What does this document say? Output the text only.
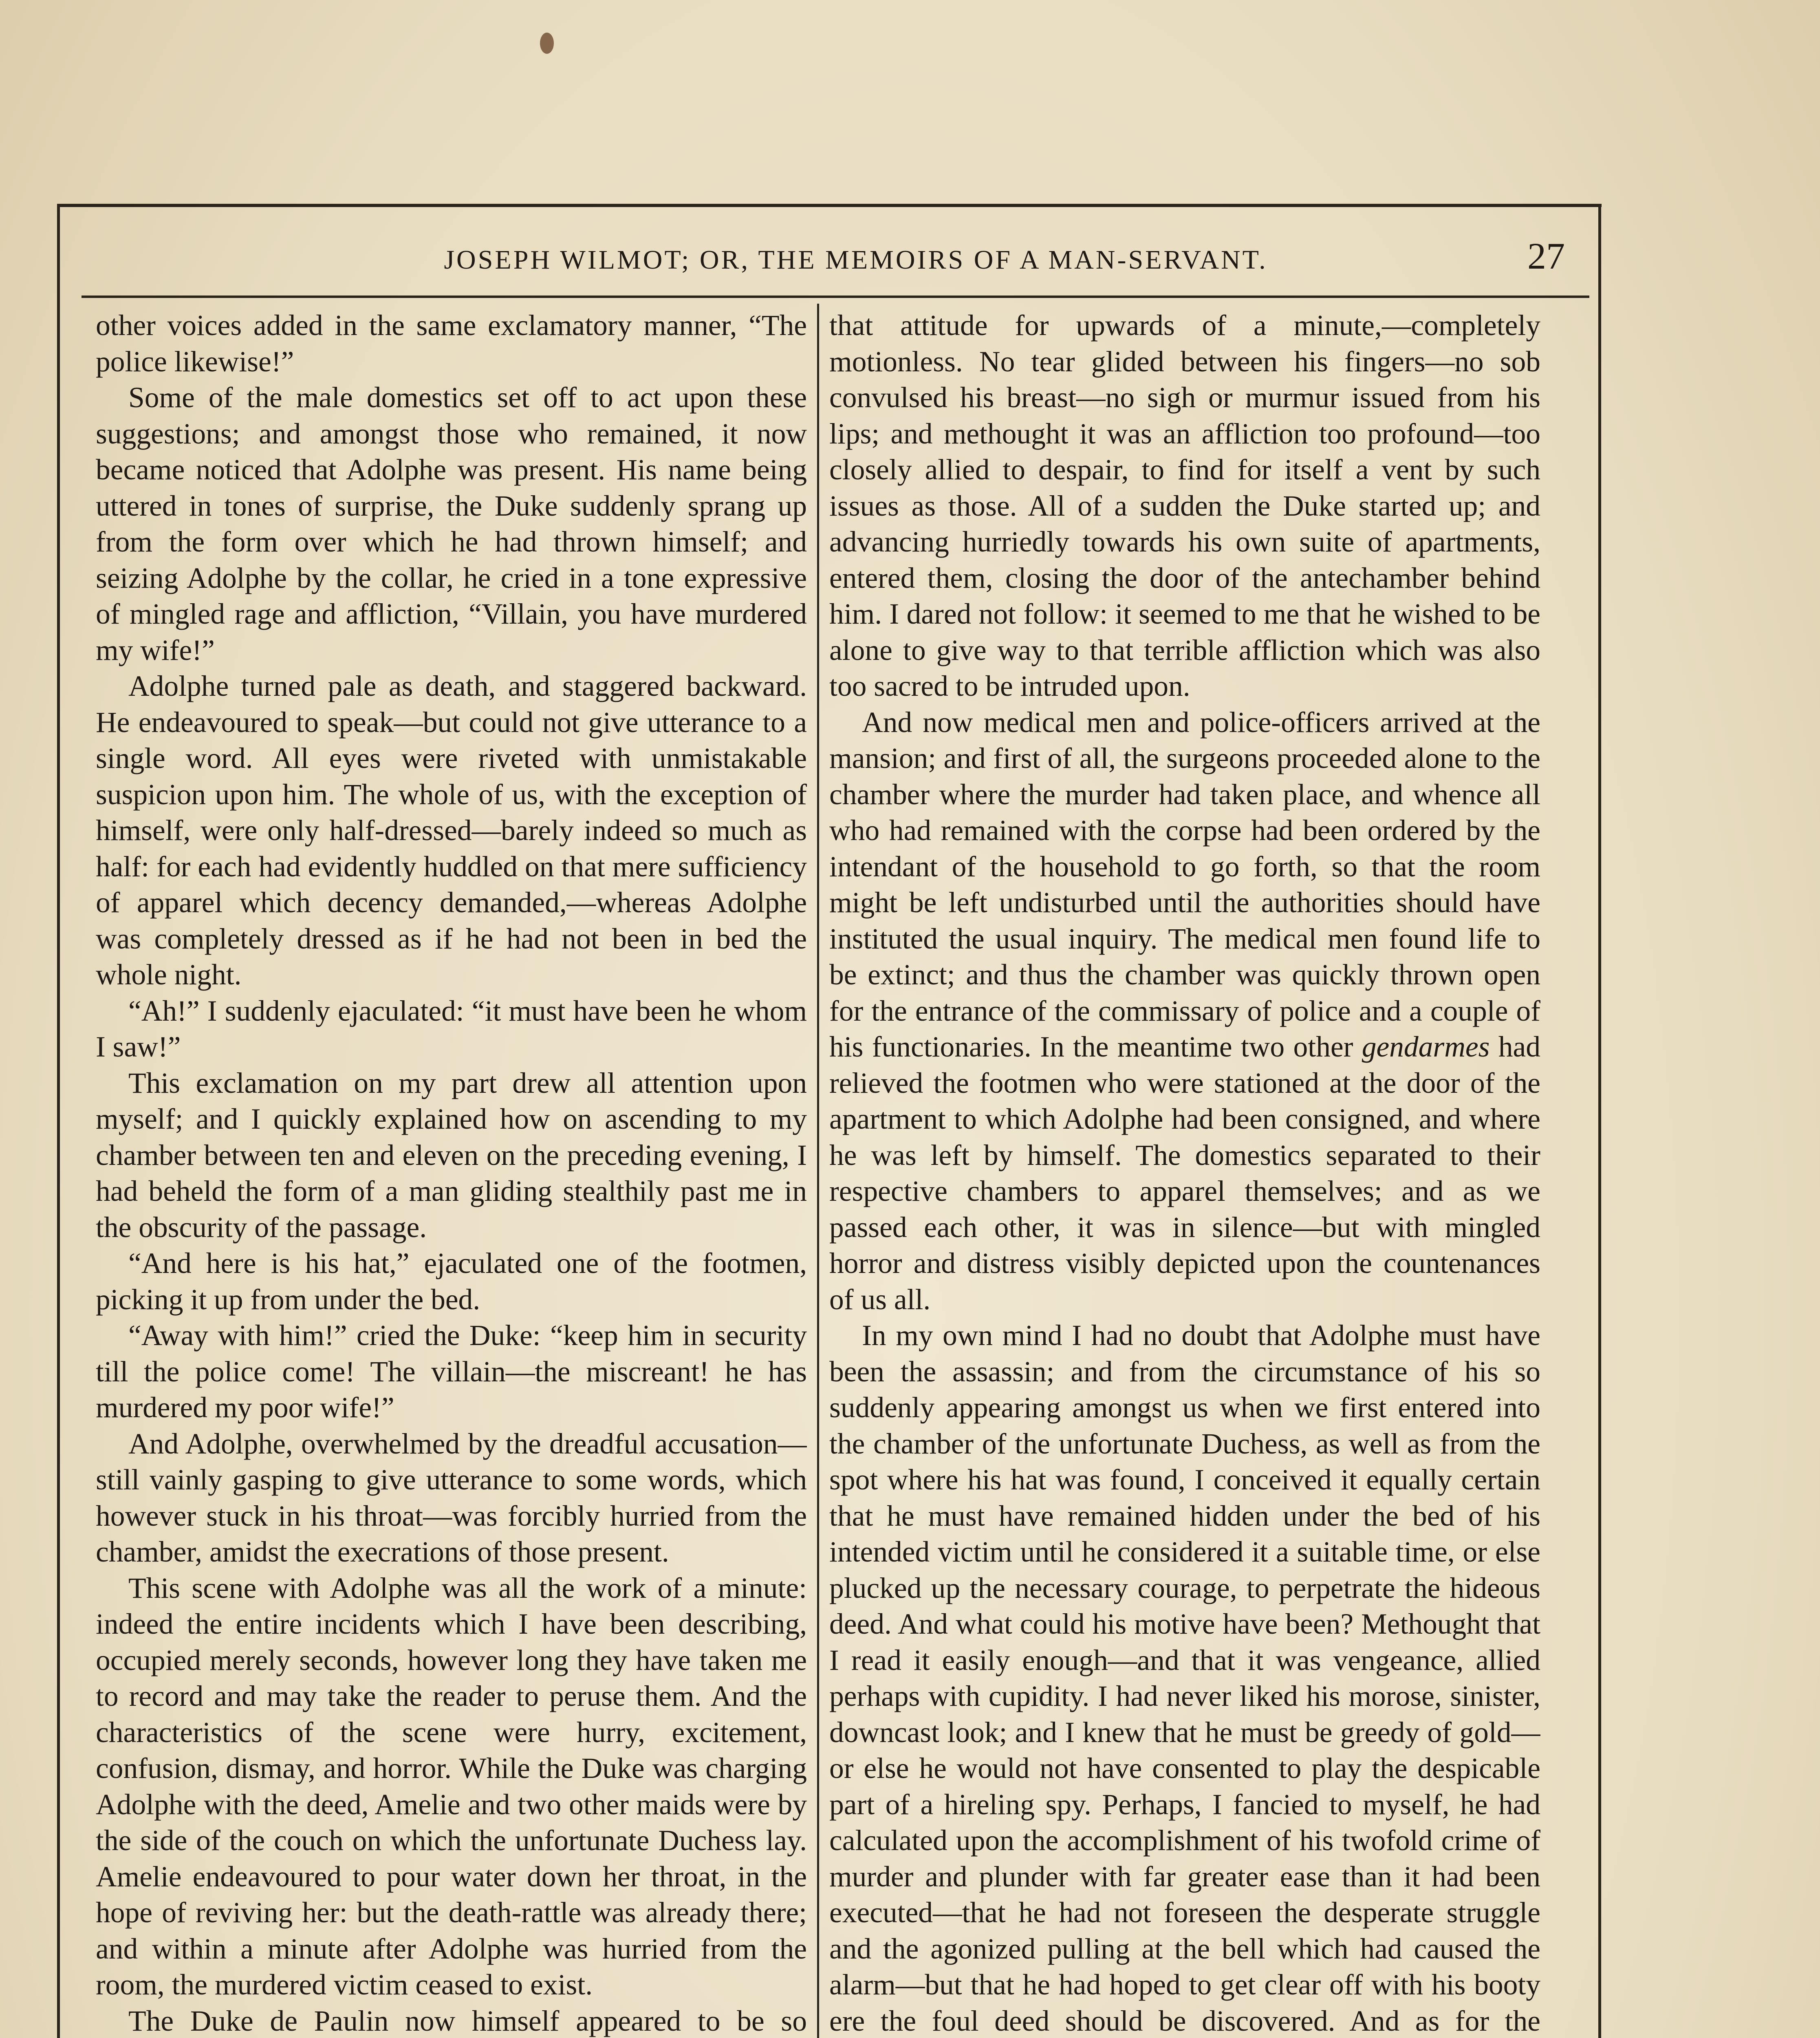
JOSEPH WILMOT; OR, THE MEMOIRS OF A MAN-SERVANT.	27

other voices added in the same exclamatory manner, “The police likewise!”

Some of the male domestics set off to act upon these suggestions; and amongst those who remained, it now became noticed that Adolphe was present. His name being uttered in tones of surprise, the Duke suddenly sprang up from the form over which he had thrown himself; and seizing Adolphe by the collar, he cried in a tone expressive of mingled rage and affliction, “Villain, you have murdered my wife!”

Adolphe turned pale as death, and staggered backward. He endeavoured to speak—but could not give utterance to a single word. All eyes were riveted with unmistakable suspicion upon him. The whole of us, with the exception of himself, were only half-dressed—barely indeed so much as half: for each had evidently huddled on that mere sufficiency of apparel which decency demanded,—whereas Adolphe was completely dressed as if he had not been in bed the whole night.

“Ah!” I suddenly ejaculated: “it must have been he whom I saw!”

This exclamation on my part drew all attention upon myself; and I quickly explained how on ascending to my chamber between ten and eleven on the preceding evening, I had beheld the form of a man gliding stealthily past me in the obscurity of the passage.

“And here is his hat,” ejaculated one of the footmen, picking it up from under the bed.

“Away with him!” cried the Duke: “keep him in security till the police come! The villain—the miscreant! he has murdered my poor wife!”

And Adolphe, overwhelmed by the dreadful accusation—still vainly gasping to give utterance to some words, which however stuck in his throat—was forcibly hurried from the chamber, amidst the execrations of those present.

This scene with Adolphe was all the work of a minute: indeed the entire incidents which I have been describing, occupied merely seconds, however long they have taken me to record and may take the reader to peruse them. And the characteristics of the scene were hurry, excitement, confusion, dismay, and horror. While the Duke was charging Adolphe with the deed, Amelie and two other maids were by the side of the couch on which the unfortunate Duchess lay. Amelie endeavoured to pour water down her throat, in the hope of reviving her: but the death-rattle was already there; and within a minute after Adolphe was hurried from the room, the murdered victim ceased to exist.

The Duke de Paulin now himself appeared to be so

that attitude for upwards of a minute,—completely motionless. No tear glided between his fingers—no sob convulsed his breast—no sigh or murmur issued from his lips; and methought it was an affliction too profound—too closely allied to despair, to find for itself a vent by such issues as those. All of a sudden the Duke started up; and advancing hurriedly towards his own suite of apartments, entered them, closing the door of the antechamber behind him. I dared not follow: it seemed to me that he wished to be alone to give way to that terrible affliction which was also too sacred to be intruded upon.

And now medical men and police-officers arrived at the mansion; and first of all, the surgeons proceeded alone to the chamber where the murder had taken place, and whence all who had remained with the corpse had been ordered by the intendant of the household to go forth, so that the room might be left undisturbed until the authorities should have instituted the usual inquiry. The medical men found life to be extinct; and thus the chamber was quickly thrown open for the entrance of the commissary of police and a couple of his functionaries. In the meantime two other gendarmes had relieved the footmen who were stationed at the door of the apartment to which Adolphe had been consigned, and where he was left by himself. The domestics separated to their respective chambers to apparel themselves; and as we passed each other, it was in silence—but with mingled horror and distress visibly depicted upon the countenances of us all.

In my own mind I had no doubt that Adolphe must have been the assassin; and from the circumstance of his so suddenly appearing amongst us when we first entered into the chamber of the unfortunate Duchess, as well as from the spot where his hat was found, I conceived it equally certain that he must have remained hidden under the bed of his intended victim until he considered it a suitable time, or else plucked up the necessary courage, to perpetrate the hideous deed. And what could his motive have been? Methought that I read it easily enough—and that it was vengeance, allied perhaps with cupidity. I had never liked his morose, sinister, downcast look; and I knew that he must be greedy of gold—or else he would not have consented to play the despicable part of a hireling spy. Perhaps, I fancied to myself, he had calculated upon the accomplishment of his twofold crime of murder and plunder with far greater ease than it had been executed—that he had not foreseen the desperate struggle and the agonized pulling at the bell which had caused the alarm—but that he had hoped to get clear off with his booty ere the foul deed should be discovered. And as for the
